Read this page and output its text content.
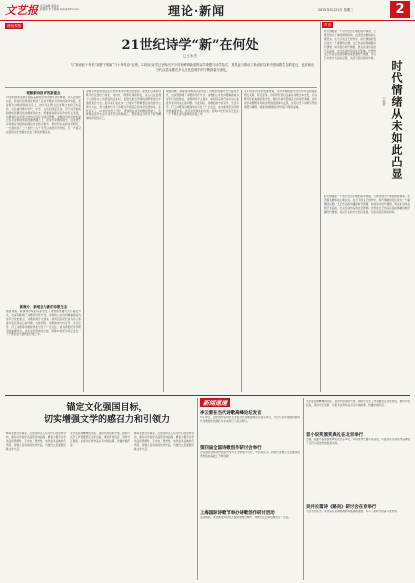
文艺报 责任编辑 康春华
新媒体 电子邮箱 wyb@163.com	理论·新闻	2025年5月21日 星期三	2
理论观察
21世纪诗学“新”在何处
□王永杰
与“新世纪十年代”视野下的新“九十年代诗”区别，21世纪诗学已呈现出不少具有鲜明新质的诗学命题与诗学范式，其见证与推动了新世纪以来中国诗歌生态的变迁，也折射出当代汉语诗歌在多元文化语境中的不断探索与深化。
理解新诗批评的新重点
21世纪的新诗批评面临着新的诗学问题与诗学情境。进入新世纪以后，新诗评论界逐步形成了以诗学理论为导向的批评实践，在处理与诗歌现场的关系上，批评家们既关注诗歌文本的艺术品质，也注重诗歌与时代、历史、文化的深层互动。对于诗学新质的辨析需要回到诗歌现场中去，既要看到新诗写作的多元景观，也要看到诗学观念的内在变化与演进逻辑。诗歌批评的有效性建立在对诗歌现象的准确把握之上，而诗学命题的提出，往往源于对诗歌写作经验的理论化总结与提升。新世纪以来的诗学研究，一方面延续了二十世纪八九十年代以来的诗学传统，另一方面又在新的文化语境中生成了新的问题意识。
新媒介、新理念与新的诗歌生态
网络诗歌、新媒体诗歌的兴起改变了诗歌的传播方式与接受方式，也深刻影响了诗歌的写作方式。诗歌的公共性问题重新成为诗学讨论的焦点，诗歌如何介入现实、如何回应时代成为诗人和批评家共同关心的问题。与此同时，诗歌的地方性写作、生态写作、打工诗歌等诗歌现象也引发了广泛关注，成为新世纪诗学研究的重要内容。这些诗学现象的出现，表明21世纪诗学正处在一个不断生成与建构的过程之中。
诗歌写作经验的变化必然带来诗学观念的更新。新世纪以来的诗歌写作呈现出日常化、地方化、跨界化等新特征，诗人们在处理个人经验与公共经验的关系时，表现出更为开阔的视野和更为丰富的表达方式。批评家们也在这一过程中不断调整自身的批评立场与方法，努力建构与当下诗歌写作相适应的诗学话语体系。在此意义上，21世纪诗学之“新”，既体现在诗学命题的更新上，也体现在诗学方法与诗学范式的转换上，更体现在诗学对于时代精神的深刻回应上。
网络诗歌、新媒体诗歌的兴起改变了诗歌的传播方式与接受方式，也深刻影响了诗歌的写作方式。诗歌的公共性问题重新成为诗学讨论的焦点，诗歌如何介入现实、如何回应时代成为诗人和批评家共同关心的问题。与此同时，诗歌的地方性写作、生态写作、打工诗歌等诗歌现象也引发了广泛关注，成为新世纪诗学研究的重要内容。这些诗学现象的出现，表明21世纪诗学正处在一个不断生成与建构的过程之中。
从21世纪诗学的发展来看，诗学问题的提出与诗学方法的更新相互关联、相互促进。诗学研究者们注重从诗歌文本出发，从诗歌写作的具体经验出发，提炼出具有普遍意义的诗学命题。这些诗学命题既有对新诗传统的继承与反思，也有对当下诗歌写作的观照与阐释，体现出鲜明的时代特征与理论品格。
声音
时代情绪从未如此凸显
□孙荣
时代情绪是一个时代社会心理的集中体现，它既表现为个体的情感体验，也表现为群体的心理状态。在当下的文艺创作中，时代情绪的表达成为一个重要的议题。文艺作品如何捕捉时代情绪、如何表达时代情绪，既关系到作品的艺术品质，也关系到作品的社会影响。优秀的文艺作品总是能够敏锐地把握时代情绪，并以艺术的方式加以呈现，从而引起读者的共鸣。
时代情绪是一个时代社会心理的集中体现，它既表现为个体的情感体验，也表现为群体的心理状态。在当下的文艺创作中，时代情绪的表达成为一个重要的议题。文艺作品如何捕捉时代情绪、如何表达时代情绪，既关系到作品的艺术品质，也关系到作品的社会影响。优秀的文艺作品总是能够敏锐地把握时代情绪，并以艺术的方式加以呈现，从而引起读者的共鸣。
锚定文化强国目标，
切实增强文学的感召力和引领力
繁荣发展文学事业，必须坚持以人民为中心的创作导向，推动文学创作从高原迈向高峰。要着力提升文学作品的思想性、艺术性、观赏性，创作更多反映时代风貌、讴歌人民创造的优秀作品，为建设文化强国贡献文学力量。
文学是民族精神的火炬，是时代前进的号角。新时代文学工作者要坚定文化自信，秉持开放包容，坚持守正创新，以更多优秀作品书写中国故事、传播中国声音。
繁荣发展文学事业，必须坚持以人民为中心的创作导向，推动文学创作从高原迈向高峰。要着力提升文学作品的思想性、艺术性、观赏性，创作更多反映时代风貌、讴歌人民创造的优秀作品，为建设文化强国贡献文学力量。
新闻速递
李云雷在当代诗歌高峰论坛发言
5月18日，由中国作家协会主办的当代诗歌高峰论坛在京举行，与会专家学者围绕新时代诗歌创作的现状与未来进行了深入研讨。
第四届全国诗歌创作研讨会举行
会议围绕诗歌创作的时代性与艺术性展开讨论，与会者认为，新时代诗歌应当在继承优秀传统的基础上不断创新。
上海国际诗歌节举办诗歌创作研讨活动
活动期间，来自国内外的诗人围绕诗歌与城市、诗歌与生活等话题进行了交流。
文学是民族精神的火炬，是时代前进的号角。新时代文学工作者要坚定文化自信，秉持开放包容，坚持守正创新，以更多优秀作品书写中国故事、传播中国声音。
首小说奖颁奖典礼在北京举行
日前，首届小说奖颁奖典礼在北京举行，多部优秀长篇小说获奖，评委会认为获奖作品体现了当代小说创作的较高水准。
吴井长篇诗《路向》研讨会在京举行
与会专家认为，该作品以宏阔的视野和饱满的激情，书写了新时代的奋斗者形象。
